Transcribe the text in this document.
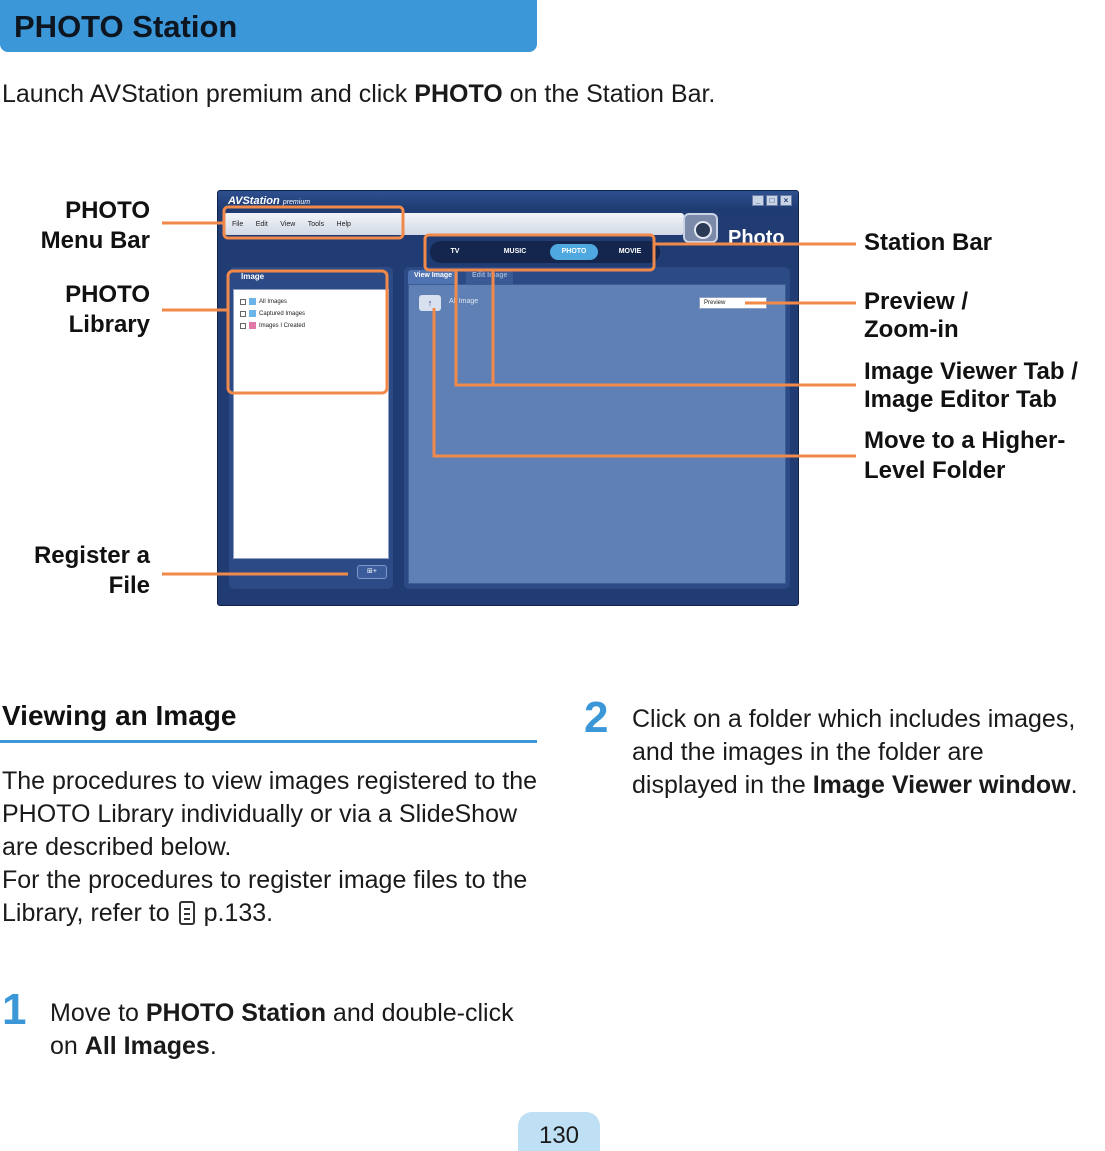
PHOTO Station
Launch AVStation premium and click PHOTO on the Station Bar.
PHOTO
Menu Bar
PHOTO
Library
Register a
File
Station Bar
Preview /
Zoom-in
Image Viewer Tab /
Image Editor Tab
Move to a Higher-
Level Folder
AVStation premium	_	□	×
File Edit View Tools Help
Photo
TV	MUSIC	PHOTO	MOVIE
Image
All Images
Captured Images
Images I Created
⊞+
View Image	Edit Image
↑	All Image	Preview
Viewing an Image
The procedures to view images registered to the PHOTO Library individually or via a SlideShow are described below.
For the procedures to register image files to the Library, refer to  p.133.
1 Move to PHOTO Station and double-click on All Images.
2 Click on a folder which includes images, and the images in the folder are displayed in the Image Viewer window.
130
